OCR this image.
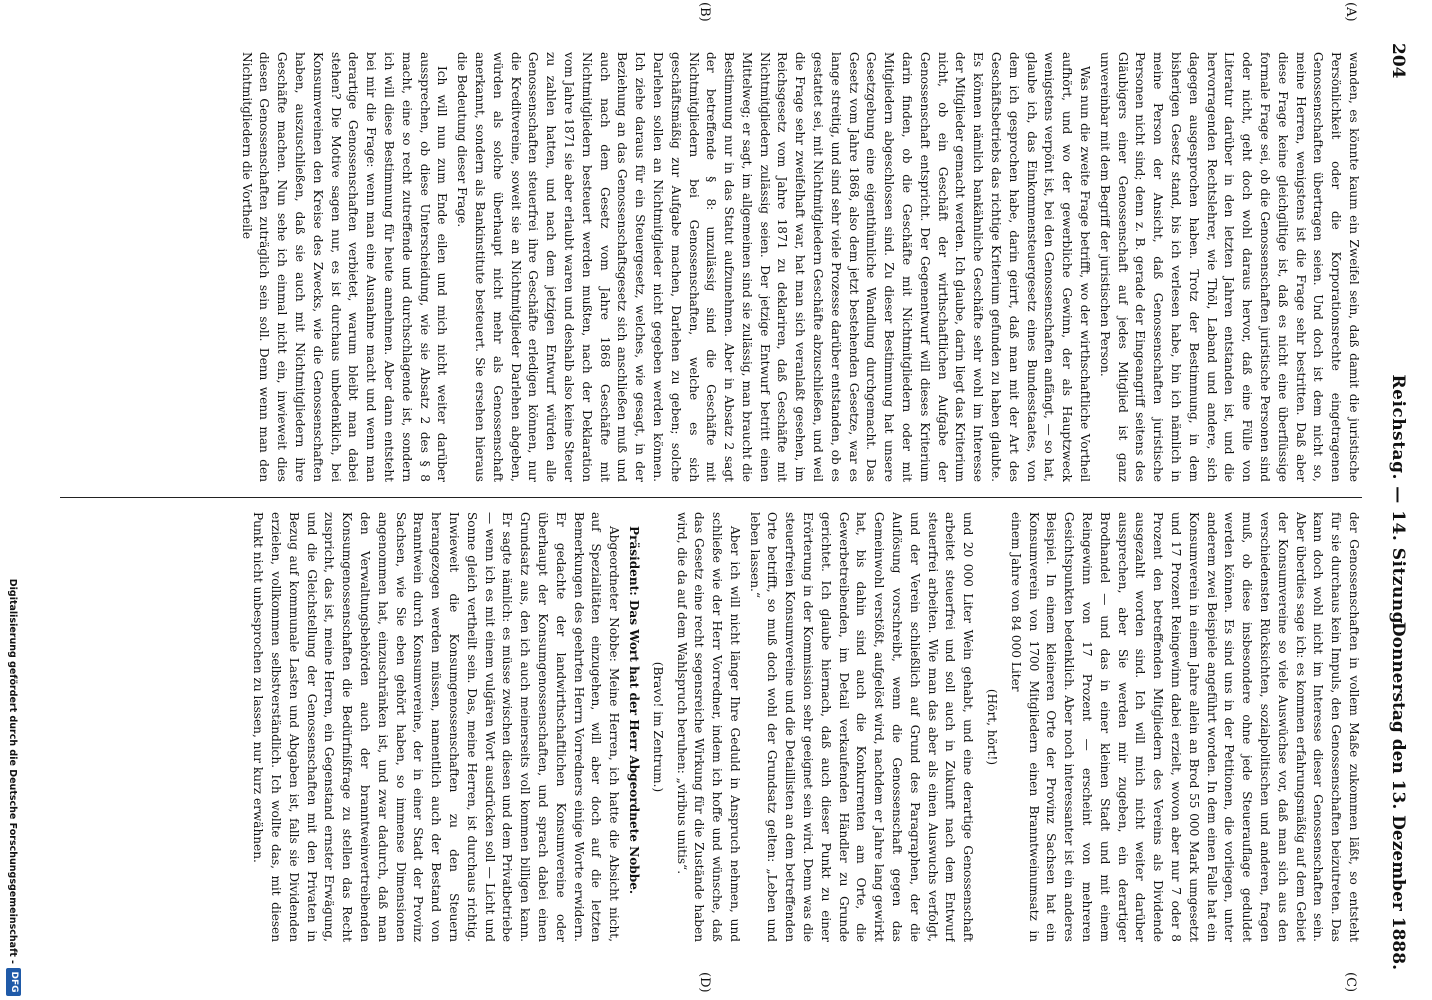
204
Reichstag. — 14. Sitzung.
Donnerstag den 13. Dezember 1888.
(A)
(B)
(C)
(D)

wanden, es könnte kaum ein Zweifel sein, daß damit die juristische Persönlichkeit oder die Korporationsrechte eingetragenen Genossenschaften übertragen seien. Und doch ist dem nicht so, meine Herren, wenigstens ist die Frage sehr bestritten. Daß aber diese Frage keine gleichgiltige ist, daß es nicht eine überflüssige formale Frage sei, ob die Genossenschaften juristische Personen sind oder nicht, geht doch wohl daraus hervor, daß eine Fülle von Literatur darüber in den letzten Jahren entstanden ist, und die hervorragenden Rechtslehrer, wie Thöl, Laband und andere, sich dagegen ausgesprochen haben. Trotz der Bestimmung, in dem bisherigen Gesetz stand, bis ich verlesen habe, bin ich nämlich in meine Person der Ansicht, daß Genossenschaften juristische Personen nicht sind; denn z. B. gerade der Eingeangriff seitens des Gläubigers einer Genossenschaft auf jedes Mitglied ist ganz unvereinbar mit dem Begriff der juristischen Person.

Was nun die zweite Frage betrifft, wo der wirthschaftliche Vortheil aufhört, und wo der gewerbliche Gewinn, der als Hauptzweck wenigstens verpönt ist, bei den Genossenschaften anfängt, — so hat, glaube ich, das Einkommensteuergesetz eines Bundesstaates, von dem ich gesprochen habe, darin geirrt, daß man mit der Art des Geschäftsbetriebs das richtige Kriterium gefunden zu haben glaubte. Es können nämlich bankähnliche Geschäfte sehr wohl im Interesse der Mitglieder gemacht werden. Ich glaube, darin liegt das Kriterium nicht, ob ein Geschäft der wirthschaftlichen Aufgabe der Genossenschaft entspricht. Der Gegenentwurf will dieses Kriterium darin finden, ob die Geschäfte mit Nichtmitgliedern oder mit Mitgliedern abgeschlossen sind. Zu dieser Bestimmung hat unsere Gesetzgebung eine eigenthümliche Wandlung durchgemacht. Das Gesetz vom Jahre 1868, also dem jetzt bestehenden Gesetze, war es lange streitig, und sind sehr viele Prozesse darüber entstanden, ob es gestattet sei, mit Nichtmitgliedern Geschäfte abzuschließen, und weil die Frage sehr zweifelhaft war, hat man sich veranlaßt gesehen, im Reichsgesetz vom Jahre 1871 zu deklariren, daß Geschäfte mit Nichtmitgliedern zulässig seien. Der jetzige Entwurf betritt einen Mittelweg; er sagt, im allgemeinen sind sie zulässig, man braucht die Bestimmung nur in das Statut aufzunehmen. Aber in Absatz 2 sagt der betreffende § 8: unzulässig sind die Geschäfte mit Nichtmitgliedern bei Genossenschaften, welche es sich geschäftsmäßig zur Aufgabe machen, Darlehen zu geben; solche Darlehen sollen an Nichtmitglieder nicht gegeben werden können. Ich ziehe daraus für ein Steuergesetz, welches, wie gesagt, in der Beziehung an das Genossenschaftsgesetz sich anschließen muß und auch nach dem Gesetz vom Jahre 1868 Geschäfte mit Nichtmitgliedern besteuert werden mußten, nach der Deklaration vom Jahre 1871 sie aber erlaubt waren und deshalb also keine Steuer zu zahlen hatten, und nach dem jetzigen Entwurf würden alle Genossenschaften steuerfrei ihre Geschäfte erledigen können, nur die Kreditvereine, soweit sie an Nichtmitglieder Darlehen abgeben, würden als solche überhaupt nicht mehr als Genossenschaft anerkannt, sondern als Bankinstitute besteuert. Sie ersehen hieraus die Bedeutung dieser Frage.

Ich will nun zum Ende eilen und mich nicht weiter darüber aussprechen, ob diese Unterscheidung, wie sie Absatz 2 des § 8 macht, eine so recht zutreffende und durchschlagende ist, sondern ich will diese Bestimmung für heute annehmen. Aber dann entsteht bei mir die Frage: wenn man eine Ausnahme macht und wenn man derartige Genossenschaften verbietet, warum bleibt man dabei stehen? Die Motive sagen nur, es ist durchaus unbedenklich, bei Konsumvereinen den Kreise des Zwecks, wie die Genossenschaften haben, auszuschließen, daß sie auch mit Nichtmitgliedern ihre Geschäfte machen. Nun sehe ich einmal nicht ein, inwieweit dies diesen Genossenschaften zuträglich sein soll. Denn wenn man den Nichtmitgliedern die Vortheile

der Genossenschaften in vollem Maße zukommen läßt, so entsteht für sie durchaus kein Impuls, den Genossenschaften beizutreten. Das kann doch wohl nicht im Interesse dieser Genossenschaften sein. Aber überdies sage ich: es kommen erfahrungsmäßig auf dem Gebiet der Konsumvereine so viele Auswüchse vor, daß man sich aus den verschiedensten Rücksichten, sozialpolitischen und anderen, fragen muß, ob diese insbesondere ohne jede Steuerauflage geduldet werden können. Es sind uns in der Petitionen, die vorliegen, unter anderem zwei Beispiele angeführt worden. In dem einen Falle hat ein Konsumverein in einem Jahre allein an Brod 55 000 Mark umgesetzt und 17 Prozent Reingewinn dabei erzielt, wovon aber nur 7 oder 8 Prozent den betreffenden Mitgliedern des Vereins als Dividende ausgezahlt worden sind. Ich will mich nicht weiter darüber aussprechen, aber Sie werden mir zugeben, ein derartiger Brodhandel — und das in einer kleinen Stadt und mit einem Reingewinn von 17 Prozent — erscheint von mehreren Gesichtspunkten bedenklich. Aber noch interessanter ist ein anderes Beispiel. In einem kleineren Orte der Provinz Sachsen hat ein Konsumverein von 1700 Mitgliedern einen Branntweinumsatz in einem Jahre von 84 000 Liter

(Hört, hört!)

und 20 000 Liter Wein gehabt, und eine derartige Genossenschaft arbeitet steuerfrei und soll auch in Zukunft nach dem Entwurf steuerfrei arbeiten. Wie man das aber als einen Auswuchs verfolgt, und der Verein schließlich auf Grund des Paragraphen, der die Auflösung vorschreibt, wenn die Genossenschaft gegen das Gemeinwohl verstößt, aufgelöst wird, nachdem er Jahre lang gewirkt hat, bis dahin sind auch die Konkurrenten am Orte, die Gewerbetreibenden, im Detail verkaufenden Händler zu Grunde gerichtet. Ich glaube hiernach, daß auch dieser Punkt zu einer Erörterung in der Kommission sehr geeignet sein wird. Denn was die steuerfreien Konsumvereine und die Detaillisten an dem betreffenden Orte betrifft, so muß doch wohl der Grundsatz gelten: „Leben und leben lassen.“

Aber ich will nicht länger Ihre Geduld in Anspruch nehmen, und schließe wie der Herr Vorredner, indem ich hoffe und wünsche, daß das Gesetz eine recht segensreiche Wirkung für die Zustände haben wird, die da auf dem Wahlspruch beruhen: „viribus unitis“.

(Bravo! im Zentrum.)

Präsident: Das Wort hat der Herr Abgeordnete Nobbe.

Abgeordneter Nobbe: Meine Herren, ich hatte die Absicht nicht, auf Spezialitäten einzugehen, will aber doch auf die letzten Bemerkungen des geehrten Herrn Vorredners einige Worte erwidern. Er gedachte der landwirthschaftlichen Konsumvereine oder überhaupt der Konsumgenossenschaften, und sprach dabei einen Grundsatz aus, den ich auch meinerseits voll kommen billigen kann. Er sagte nämlich: es müsse zwischen diesen und dem Privatbetriebe — wenn ich es mit einem vulgären Wort ausdrücken soll — Licht und Sonne gleich vertheilt sein. Das, meine Herren, ist durchaus richtig. Inwieweit die Konsumgenossenschaften zu den Steuern herangezogen werden müssen, namentlich auch der Bestand von Branntwein durch Konsumvereine, der in einer Stadt der Provinz Sachsen, wie Sie eben gehört haben, so immense Dimensionen angenommen hat, einzuschränken ist, und zwar dadurch, daß man den Verwaltungsbehörden auch der branntweinvertreibenden Konsumgenossenschaften die Bedürfnißfrage zu stellen das Recht zuspricht, das ist, meine Herren, ein Gegenstand ernster Erwägung, und die Gleichstellung der Genossenschaften mit den Privaten in Bezug auf kommunale Lasten und Abgaben ist, falls sie Dividenden erzielen, vollkommen selbstverständlich. Ich wollte das, mit diesen Punkt nicht unbesprochen zu lassen, nur kurz erwähnen.

Digitalisierung gefördert durch die Deutsche Forschungsgemeinschaft -
DFG
